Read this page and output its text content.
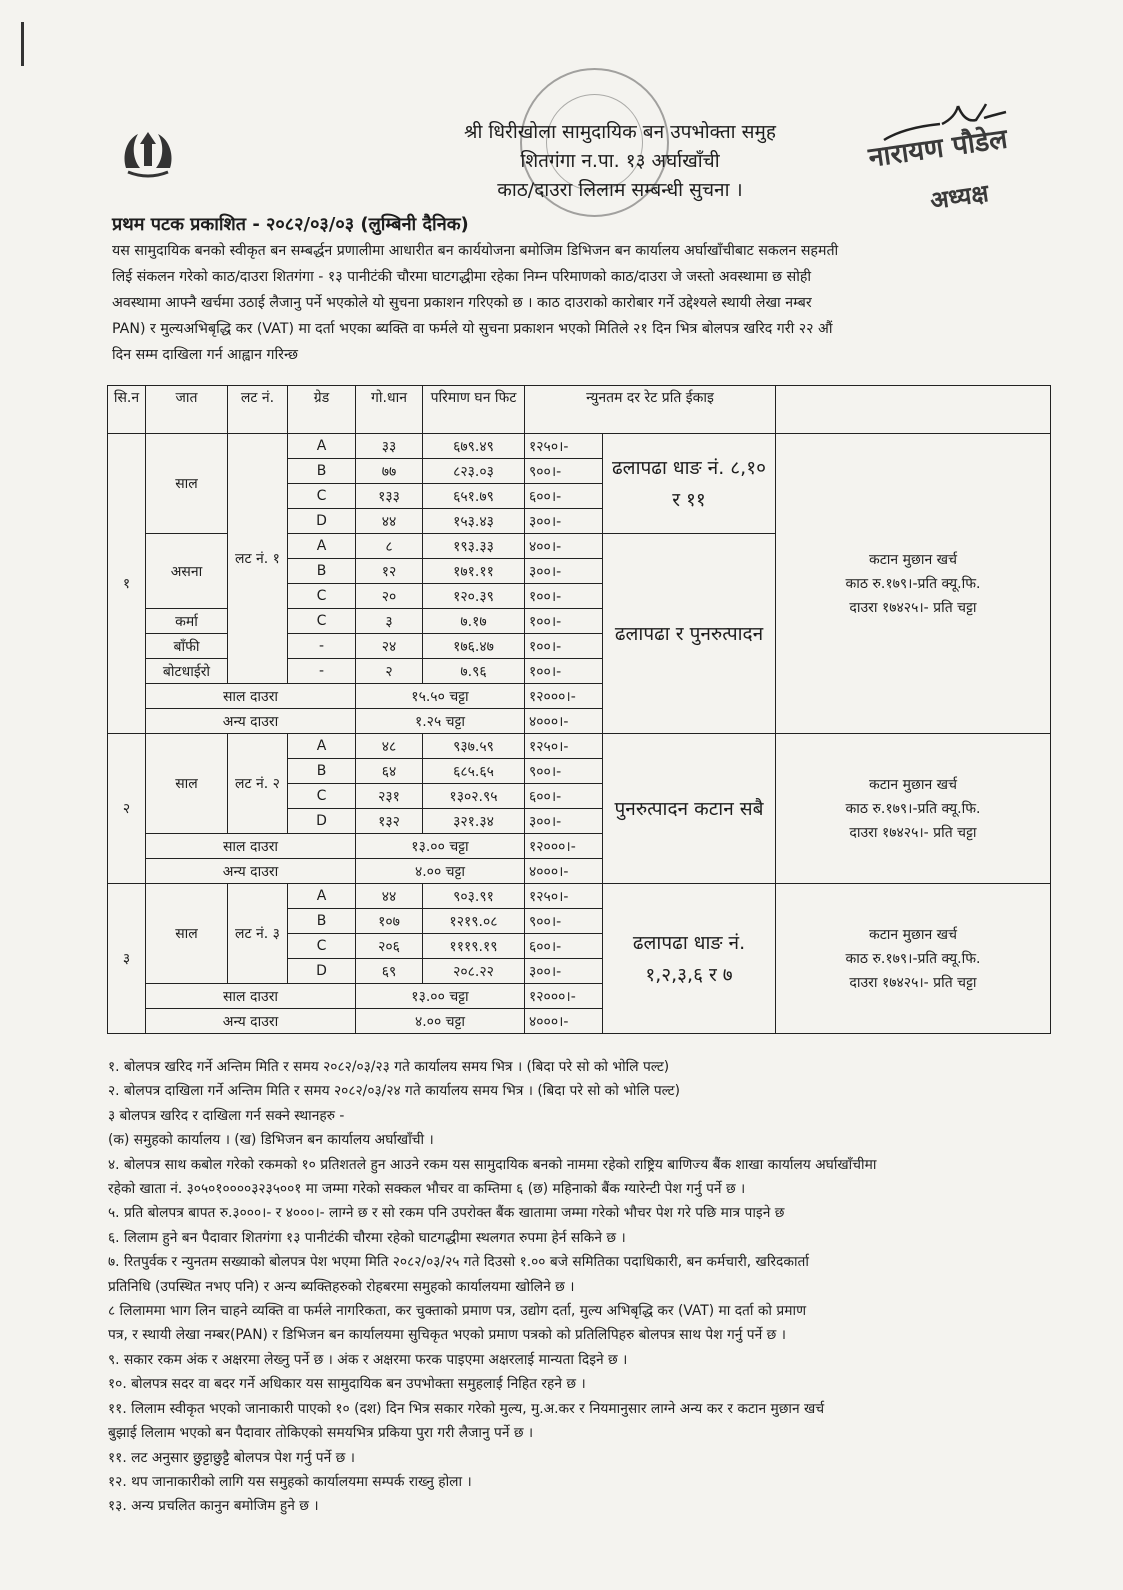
श्री धिरीखोला सामुदायिक बन उपभोक्ता समुह
शितगंगा न.पा. १३ अर्घाखाँची
काठ/दाउरा लिलाम सम्बन्धी सुचना ।
नारायण पौडेल
अध्यक्ष
प्रथम पटक प्रकाशित - २०८२/०३/०३ (लुम्बिनी दैनिक)
यस सामुदायिक बनको स्वीकृत बन सम्बर्द्धन प्रणालीमा आधारीत बन कार्ययोजना बमोजिम डिभिजन बन कार्यालय अर्घाखाँचीबाट सकलन सहमती
लिई संकलन गरेको काठ/दाउरा शितगंगा - १३ पानीटंकी चौरमा घाटगद्धीमा रहेका निम्न परिमाणको काठ/दाउरा जे जस्तो अवस्थामा छ सोही
अवस्थामा आफ्नै खर्चमा उठाई लैजानु पर्ने भएकोले यो सुचना प्रकाशन गरिएको छ । काठ दाउराको कारोबार गर्ने उद्देश्यले स्थायी लेखा नम्बर
PAN) र मुल्यअभिबृद्धि कर (VAT) मा दर्ता भएका ब्यक्ति वा फर्मले यो सुचना प्रकाशन भएको मितिले २१ दिन भित्र बोलपत्र खरिद गरी २२ औं
दिन सम्म दाखिला गर्न आह्वान गरिन्छ
सि.न	जात	लट नं.	ग्रेड	गो.धान	परिमाण घन फिट	न्युनतम दर रेट प्रति ईकाइ		
१	साल	लट नं. १	A	३३	६७९.४९	१२५०।-	ढलापढा धाङ नं. ८,१० र ११	कटान मुछान खर्च
काठ रु.१७९।-प्रति क्यू.फि.
दाउरा १७४२५।- प्रति चट्टा

			B	७७	८२३.०३	९००।-		
			C	१३३	६५१.७९	६००।-		
			D	४४	१५३.४३	३००।-		
	असना		A	८	१९३.३३	४००।-	ढलापढा र पुनरुत्पादन	
			B	१२	१७१.११	३००।-		
			C	२०	१२०.३९	१००।-		
	कर्मा		C	३	७.१७	१००।-		
	बाँफी		-	२४	१७६.४७	१००।-		
	बोटधाईरो		-	२	७.९६	१००।-		
	साल दाउरा			१५.५० चट्टा		१२०००।-		
	अन्य दाउरा			१.२५ चट्टा		४०००।-		
२	साल	लट नं. २	A	४८	९३७.५९	१२५०।-	पुनरुत्पादन कटान सबै	कटान मुछान खर्च
काठ रु.१७९।-प्रति क्यू.फि.
दाउरा १७४२५।- प्रति चट्टा

			B	६४	६८५.६५	९००।-		
			C	२३१	१३०२.९५	६००।-		
			D	१३२	३२१.३४	३००।-		
	साल दाउरा			१३.०० चट्टा		१२०००।-		
	अन्य दाउरा			४.०० चट्टा		४०००।-		
३	साल	लट नं. ३	A	४४	९०३.९१	१२५०।-	ढलापढा धाङ नं. १,२,३,६ र ७	कटान मुछान खर्च
काठ रु.१७९।-प्रति क्यू.फि.
दाउरा १७४२५।- प्रति चट्टा

			B	१०७	१२१९.०८	९००।-		
			C	२०६	१११९.१९	६००।-		
			D	६९	२०८.२२	३००।-		
	साल दाउरा			१३.०० चट्टा		१२०००।-		
	अन्य दाउरा			४.०० चट्टा		४०००।-		
१. बोलपत्र खरिद गर्ने अन्तिम मिति र समय २०८२/०३/२३ गते कार्यालय समय भित्र । (बिदा परे सो को भोलि पल्ट)
२. बोलपत्र दाखिला गर्ने अन्तिम मिति र समय २०८२/०३/२४ गते कार्यालय समय भित्र । (बिदा परे सो को भोलि पल्ट)
३ बोलपत्र खरिद र दाखिला गर्न सक्ने स्थानहरु -
(क) समुहको कार्यालय । (ख) डिभिजन बन कार्यालय अर्घाखाँची ।
४. बोलपत्र साथ कबोल गरेको रकमको १० प्रतिशतले हुन आउने रकम यस सामुदायिक बनको नाममा रहेको राष्ट्रिय बाणिज्य बैंक शाखा कार्यालय अर्घाखाँचीमा
रहेको खाता नं. ३०५०१००००३२३५००१ मा जम्मा गरेको सक्कल भौचर वा कम्तिमा ६ (छ) महिनाको बैंक ग्यारेन्टी पेश गर्नु पर्ने छ ।
५. प्रति बोलपत्र बापत रु.३०००।- र ४०००।- लाग्ने छ र सो रकम पनि उपरोक्त बैंक खातामा जम्मा गरेको भौचर पेश गरे पछि मात्र पाइने छ
६. लिलाम हुने बन पैदावार शितगंगा १३ पानीटंकी चौरमा रहेको घाटगद्धीमा स्थलगत रुपमा हेर्न सकिने छ ।
७. रितपुर्वक र न्युनतम सख्याको बोलपत्र पेश भएमा मिति २०८२/०३/२५ गते दिउसो १.०० बजे समितिका पदाधिकारी, बन कर्मचारी, खरिदकार्ता
प्रतिनिधि (उपस्थित नभए पनि) र अन्य ब्यक्तिहरुको रोहबरमा समुहको कार्यालयमा खोलिने छ ।
८ लिलाममा भाग लिन चाहने व्यक्ति वा फर्मले नागरिकता, कर चुक्ताको प्रमाण पत्र, उद्योग दर्ता, मुल्य अभिबृद्धि कर (VAT) मा दर्ता को प्रमाण
पत्र, र स्थायी लेखा नम्बर(PAN) र डिभिजन बन कार्यालयमा सुचिकृत भएको प्रमाण पत्रको को प्रतिलिपिहरु बोलपत्र साथ पेश गर्नु पर्ने छ ।
९. सकार रकम अंक र अक्षरमा लेख्नु पर्ने छ । अंक र अक्षरमा फरक पाइएमा अक्षरलाई मान्यता दिइने छ ।
१०. बोलपत्र सदर वा बदर गर्ने अधिकार यस सामुदायिक बन उपभोक्ता समुहलाई निहित रहने छ ।
११. लिलाम स्वीकृत भएको जानाकारी पाएको १० (दश) दिन भित्र सकार गरेको मुल्य, मु.अ.कर र नियमानुसार लाग्ने अन्य कर र कटान मुछान खर्च
बुझाई लिलाम भएको बन पैदावार तोकिएको समयभित्र प्रकिया पुरा गरी लैजानु पर्ने छ ।
११. लट अनुसार छुट्टाछुट्टै बोलपत्र पेश गर्नु पर्ने छ ।
१२. थप जानाकारीको लागि यस समुहको कार्यालयमा सम्पर्क राख्नु होला ।
१३. अन्य प्रचलित कानुन बमोजिम हुने छ ।
